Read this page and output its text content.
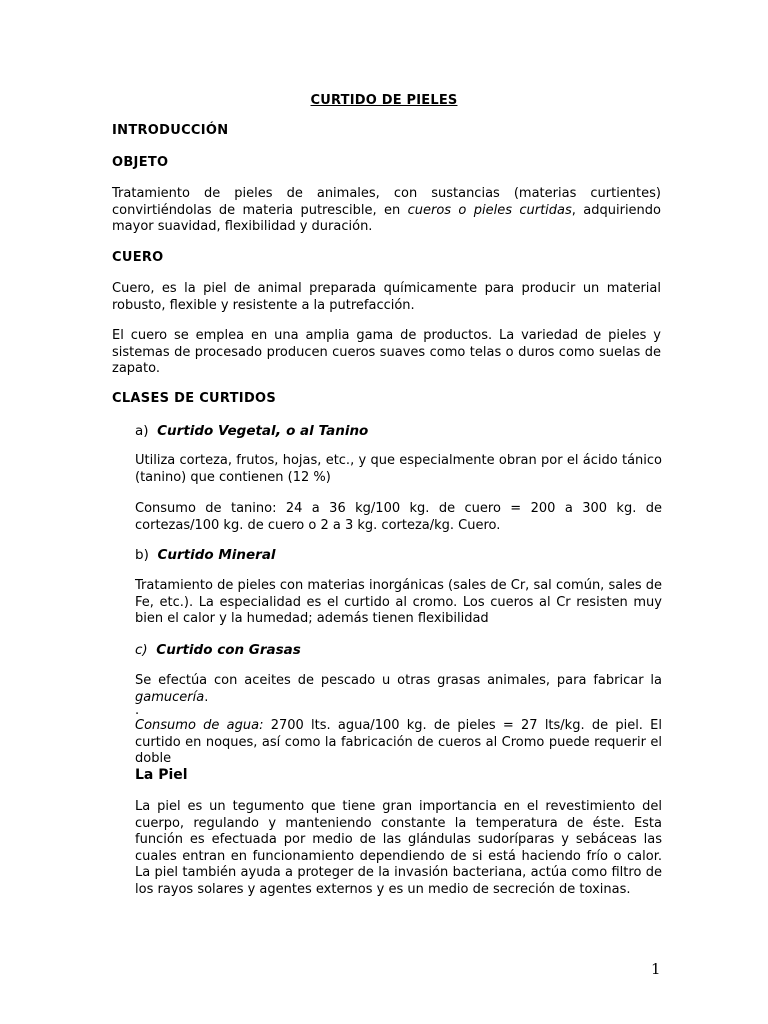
CURTIDO DE PIELES

INTRODUCCIÓN

OBJETO

Tratamiento de pieles de animales, con sustancias (materias curtientes) convirtiéndolas de materia putrescible, en cueros o pieles curtidas, adquiriendo mayor suavidad, flexibilidad y duración.

CUERO

Cuero, es la piel de animal preparada químicamente para producir un material robusto, flexible y resistente a la putrefacción.

El cuero se emplea en una amplia gama de productos. La variedad de pieles y sistemas de procesado producen cueros suaves como telas o duros como suelas de zapato.

CLASES DE CURTIDOS

a) Curtido Vegetal, o al Tanino

Utiliza corteza, frutos, hojas, etc., y que especialmente obran por el ácido tánico (tanino) que contienen (12 %)

Consumo de tanino: 24 a 36 kg/100 kg. de cuero = 200 a 300 kg. de cortezas/100 kg. de cuero o 2 a 3 kg. corteza/kg. Cuero.

b) Curtido Mineral

Tratamiento de pieles con materias inorgánicas (sales de Cr, sal común, sales de Fe, etc.). La especialidad es el curtido al cromo. Los cueros al Cr resisten muy bien el calor y la humedad; además tienen flexibilidad

c) Curtido con Grasas

Se efectúa con aceites de pescado u otras grasas animales, para fabricar la gamucería.

.

Consumo de agua: 2700 lts. agua/100 kg. de pieles = 27 lts/kg. de piel. El curtido en noques, así como la fabricación de cueros al Cromo puede requerir el doble

La Piel

La piel es un tegumento que tiene gran importancia en el revestimiento del cuerpo, regulando y manteniendo constante la temperatura de éste. Esta función es efectuada por medio de las glándulas sudoríparas y sebáceas las cuales entran en funcionamiento dependiendo de si está haciendo frío o calor. La piel también ayuda a proteger de la invasión bacteriana, actúa como filtro de los rayos solares y agentes externos y es un medio de secreción de toxinas.

1
